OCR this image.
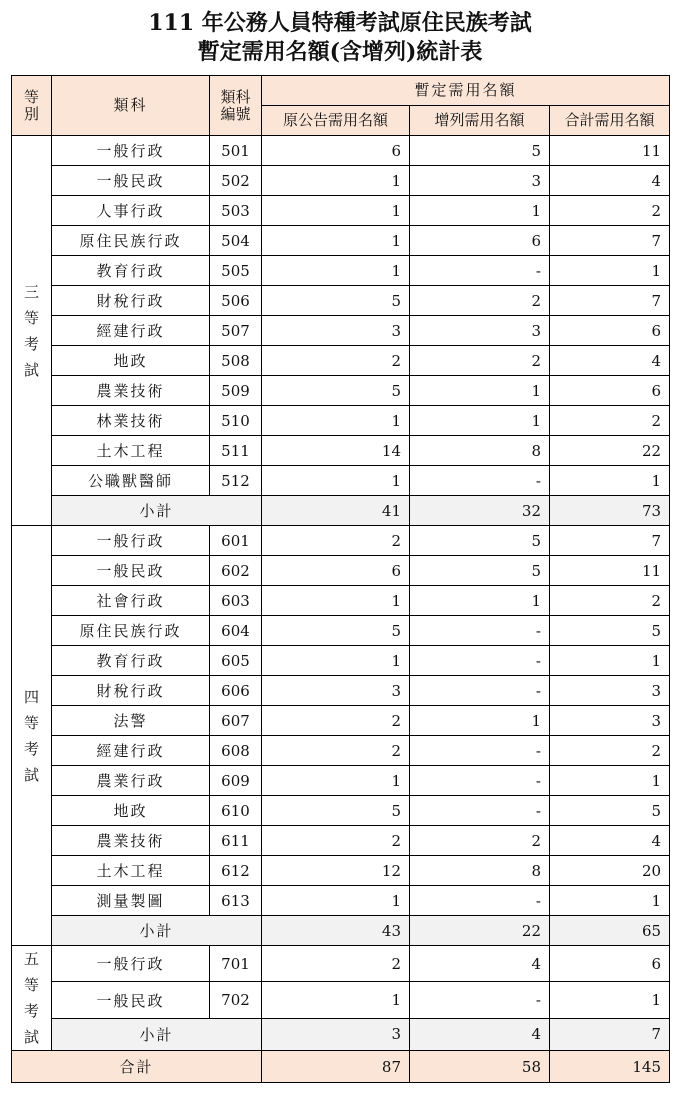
111 年公務人員特種考試原住民族考試
暫定需用名額(含增列)統計表
等別	類科	類科編號	暫定需用名額		
			原公告需用名額	增列需用名額	合計需用名額

三
等
考
試	一般行政	501	6	5	11
	一般民政	502	1	3	4
	人事行政	503	1	1	2
	原住民族行政	504	1	6	7
	教育行政	505	1	-	1
	財稅行政	506	5	2	7
	經建行政	507	3	3	6
	地政	508	2	2	4
	農業技術	509	5	1	6
	林業技術	510	1	1	2
	土木工程	511	14	8	22
	公職獸醫師	512	1	-	1
	小計		41	32	73

四
等
考
試	一般行政	601	2	5	7
	一般民政	602	6	5	11
	社會行政	603	1	1	2
	原住民族行政	604	5	-	5
	教育行政	605	1	-	1
	財稅行政	606	3	-	3
	法警	607	2	1	3
	經建行政	608	2	-	2
	農業行政	609	1	-	1
	地政	610	5	-	5
	農業技術	611	2	2	4
	土木工程	612	12	8	20
	測量製圖	613	1	-	1
	小計		43	22	65

五
等
考
試	一般行政	701	2	4	6
	一般民政	702	1	-	1
	小計		3	4	7
合計			87	58	145
